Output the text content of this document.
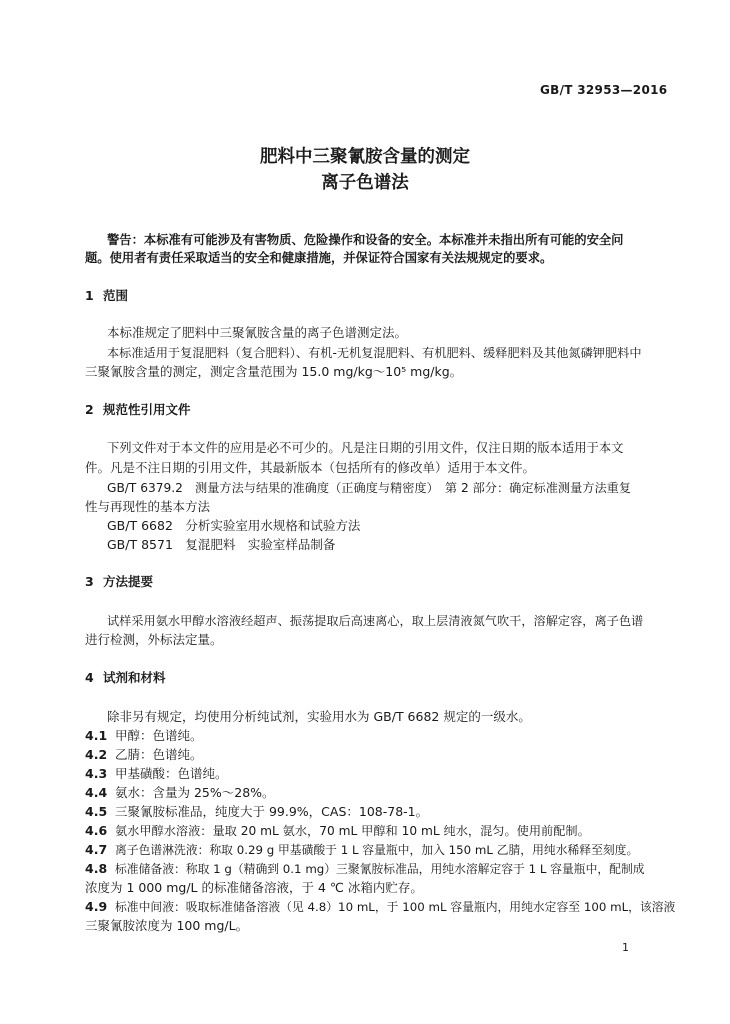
GB/T 32953—2016
肥料中三聚氰胺含量的测定
离子色谱法
警告：本标准有可能涉及有害物质、危险操作和设备的安全。本标准并未指出所有可能的安全问
题。使用者有责任采取适当的安全和健康措施，并保证符合国家有关法规规定的要求。
1 范围
本标准规定了肥料中三聚氰胺含量的离子色谱测定法。
本标准适用于复混肥料（复合肥料）、有机-无机复混肥料、有机肥料、缓释肥料及其他氮磷钾肥料中
三聚氰胺含量的测定，测定含量范围为 15.0 mg/kg～10⁵ mg/kg。
2 规范性引用文件
下列文件对于本文件的应用是必不可少的。凡是注日期的引用文件，仅注日期的版本适用于本文
件。凡是不注日期的引用文件，其最新版本（包括所有的修改单）适用于本文件。
GB/T 6379.2　测量方法与结果的准确度（正确度与精密度）　第 2 部分：确定标准测量方法重复
性与再现性的基本方法
GB/T 6682　分析实验室用水规格和试验方法
GB/T 8571　复混肥料　实验室样品制备
3 方法提要
试样采用氨水甲醇水溶液经超声、振荡提取后高速离心，取上层清液氮气吹干，溶解定容，离子色谱
进行检测，外标法定量。
4 试剂和材料
除非另有规定，均使用分析纯试剂，实验用水为 GB/T 6682 规定的一级水。
4.1 甲醇：色谱纯。
4.2 乙腈：色谱纯。
4.3 甲基磺酸：色谱纯。
4.4 氨水：含量为 25%～28%。
4.5 三聚氰胺标准品，纯度大于 99.9%，CAS：108-78-1。
4.6 氨水甲醇水溶液：量取 20 mL 氨水，70 mL 甲醇和 10 mL 纯水，混匀。使用前配制。
4.7 离子色谱淋洗液：称取 0.29 g 甲基磺酸于 1 L 容量瓶中，加入 150 mL 乙腈，用纯水稀释至刻度。
4.8 标准储备液：称取 1 g（精确到 0.1 mg）三聚氰胺标准品，用纯水溶解定容于 1 L 容量瓶中，配制成
浓度为 1 000 mg/L 的标准储备溶液，于 4 ℃ 冰箱内贮存。
4.9 标准中间液：吸取标准储备溶液（见 4.8）10 mL，于 100 mL 容量瓶内，用纯水定容至 100 mL，该溶液
三聚氰胺浓度为 100 mg/L。
1
